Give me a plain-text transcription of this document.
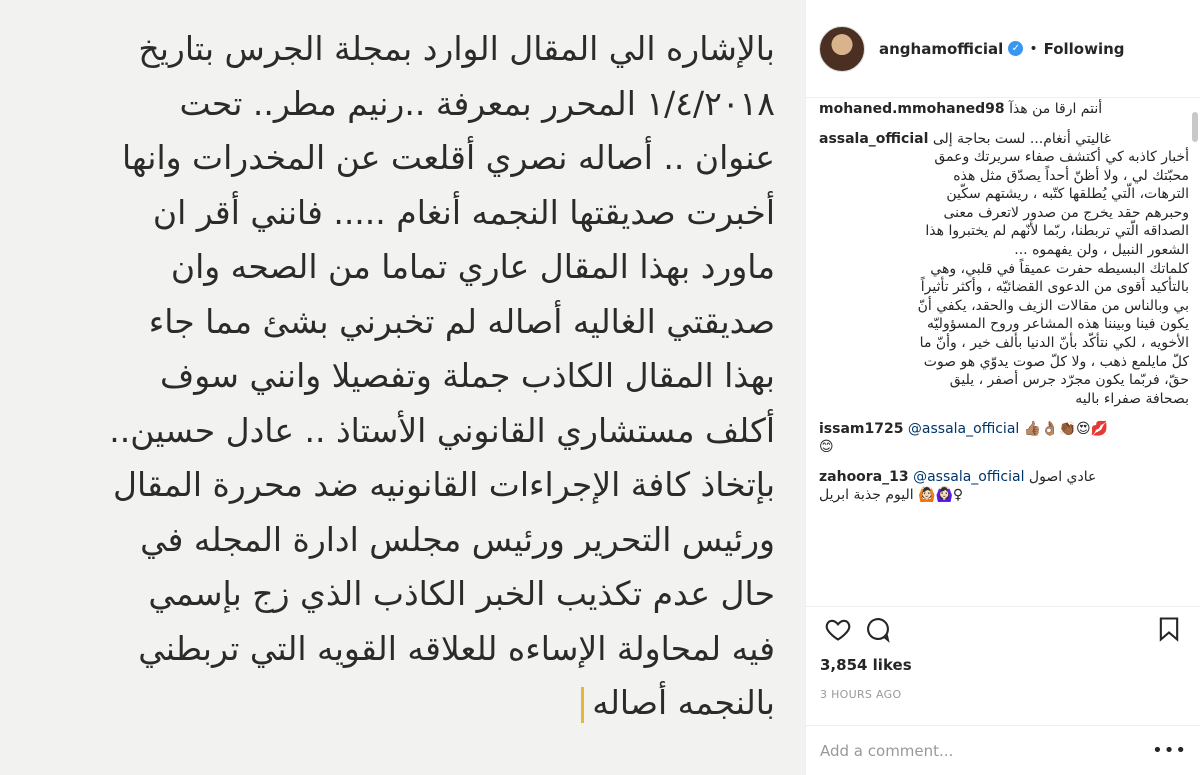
بالإشاره الي المقال الوارد بمجلة الجرس بتاريخ
١/٤/٢٠١٨ المحرر بمعرفة ..رنيم مطر.. تحت
عنوان .. أصاله نصري أقلعت عن المخدرات وانها
أخبرت صديقتها النجمه أنغام ..... فانني أقر ان
ماورد بهذا المقال عاري تماما من الصحه وان
صديقتي الغاليه أصاله لم تخبرني بشئ مما جاء
بهذا المقال الكاذب جملة وتفصيلا وانني سوف
أكلف مستشاري القانوني الأستاذ .. عادل حسين..
بإتخاذ كافة الإجراءات القانونيه ضد محررة المقال
ورئيس التحرير ورئيس مجلس ادارة المجله في
حال عدم تكذيب الخبر الكاذب الذي زج بإسمي
فيه لمحاولة الإساءه للعلاقه القويه التي تربطني
بالنجمه أصاله
anghamofficial ✓ • Following
mohaned.mmohaned98 أنتم ارقا من هذآ
assala_official غاليتي أنغام... لست بحاجة إلى
أخبار كاذبه كي أكتشف صفاء سريرتك وعمق
محبّتك لي ، ولا أظنّ أحداً يصدّق مثل هذه
الترهات، الّتي يُطلقها كتّبه ، ريشتهم سكّين
وحبرهم حقد يخرج من صدور لاتعرف معنى
الصداقه الّتي تربطنا، ربّما لأنّهم لم يختبروا هذا
الشعور النبيل ، ولن يفهموه ...
كلماتك البسيطه حفرت عميقاً في قلبي، وهي
بالتأكيد أقوى من الدعوى القضائيّه ، وأكثر تأثيراً
بي وبالناس من مقالات الزيف والحقد، يكفي أنّ
يكون فينا وبيننا هذه المشاعر وروح المسؤوليّه
الأخويه ، لكي نتأكّد بأنّ الدنيا بألف خير ، وأنّ ما
كلّ مايلمع ذهب ، ولا كلّ صوت يدوّي هو صوت
حقّ، فربّما يكون مجرّد جرس أصفر ، يليق
بصحافة صفراء باليه
issam1725 @assala_official 👍🏽👌🏽👏🏾😍💋
😊
zahoora_13 @assala_official عادي اصول
♀🙆🏻‍♀🙆🏻 اليوم جذبة ابريل
3,854 likes
3 HOURS AGO
Add a comment...
•••
